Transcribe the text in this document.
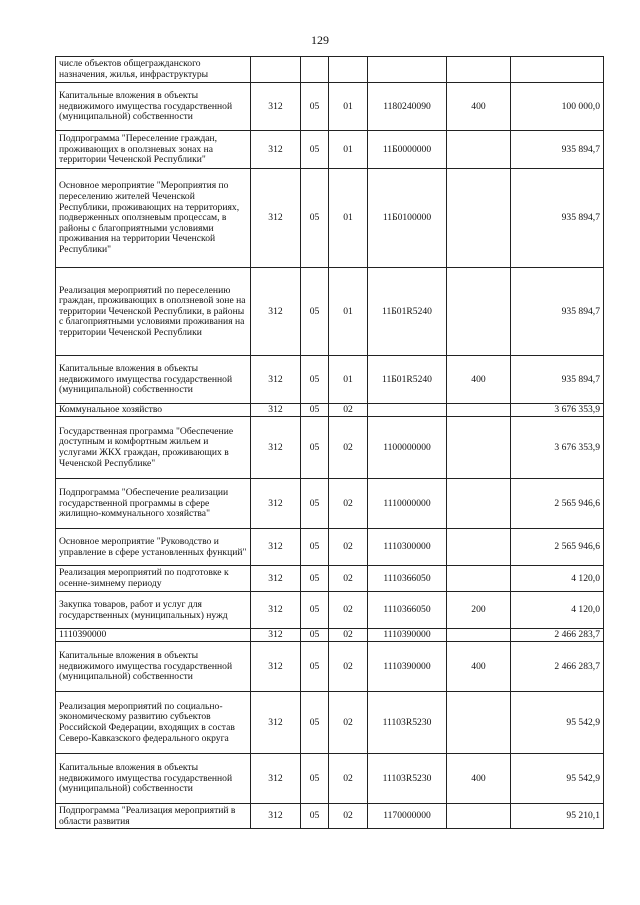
129
числе объектов общегражданского назначения, жилья, инфраструктуры						
Капитальные вложения в объекты недвижимого имущества государственной (муниципальной) собственности	312	05	01	1180240090	400	100 000,0
Подпрограмма "Переселение граждан, проживающих в оползневых зонах на территории Чеченской Республики"	312	05	01	11Б0000000		935 894,7
Основное мероприятие "Мероприятия по переселению жителей Чеченской Республики, проживающих на территориях, подверженных оползневым процессам, в районы с благоприятными условиями проживания на территории Чеченской Республики"	312	05	01	11Б0100000		935 894,7
Реализация мероприятий по переселению граждан, проживающих в оползневой зоне на территории Чеченской Республики, в районы с благоприятными условиями проживания на территории Чеченской Республики	312	05	01	11Б01R5240		935 894,7
Капитальные вложения в объекты недвижимого имущества государственной (муниципальной) собственности	312	05	01	11Б01R5240	400	935 894,7
Коммунальное хозяйство	312	05	02			3 676 353,9
Государственная программа "Обеспечение доступным и комфортным жильем и услугами ЖКХ граждан, проживающих в Чеченской Республике"	312	05	02	1100000000		3 676 353,9
Подпрограмма "Обеспечение реализации государственной программы в сфере жилищно-коммунального хозяйства"	312	05	02	1110000000		2 565 946,6
Основное мероприятие "Руководство и управление в сфере установленных функций"	312	05	02	1110300000		2 565 946,6
Реализация мероприятий по подготовке к осенне-зимнему периоду	312	05	02	1110366050		4 120,0
Закупка товаров, работ и услуг для государственных (муниципальных) нужд	312	05	02	1110366050	200	4 120,0
1110390000	312	05	02	1110390000		2 466 283,7
Капитальные вложения в объекты недвижимого имущества государственной (муниципальной) собственности	312	05	02	1110390000	400	2 466 283,7
Реализация мероприятий по социально-экономическому развитию субъектов Российской Федерации, входящих в состав Северо-Кавказского федерального округа	312	05	02	11103R5230		95 542,9
Капитальные вложения в объекты недвижимого имущества государственной (муниципальной) собственности	312	05	02	11103R5230	400	95 542,9
Подпрограмма "Реализация мероприятий в области развития	312	05	02	1170000000		95 210,1
